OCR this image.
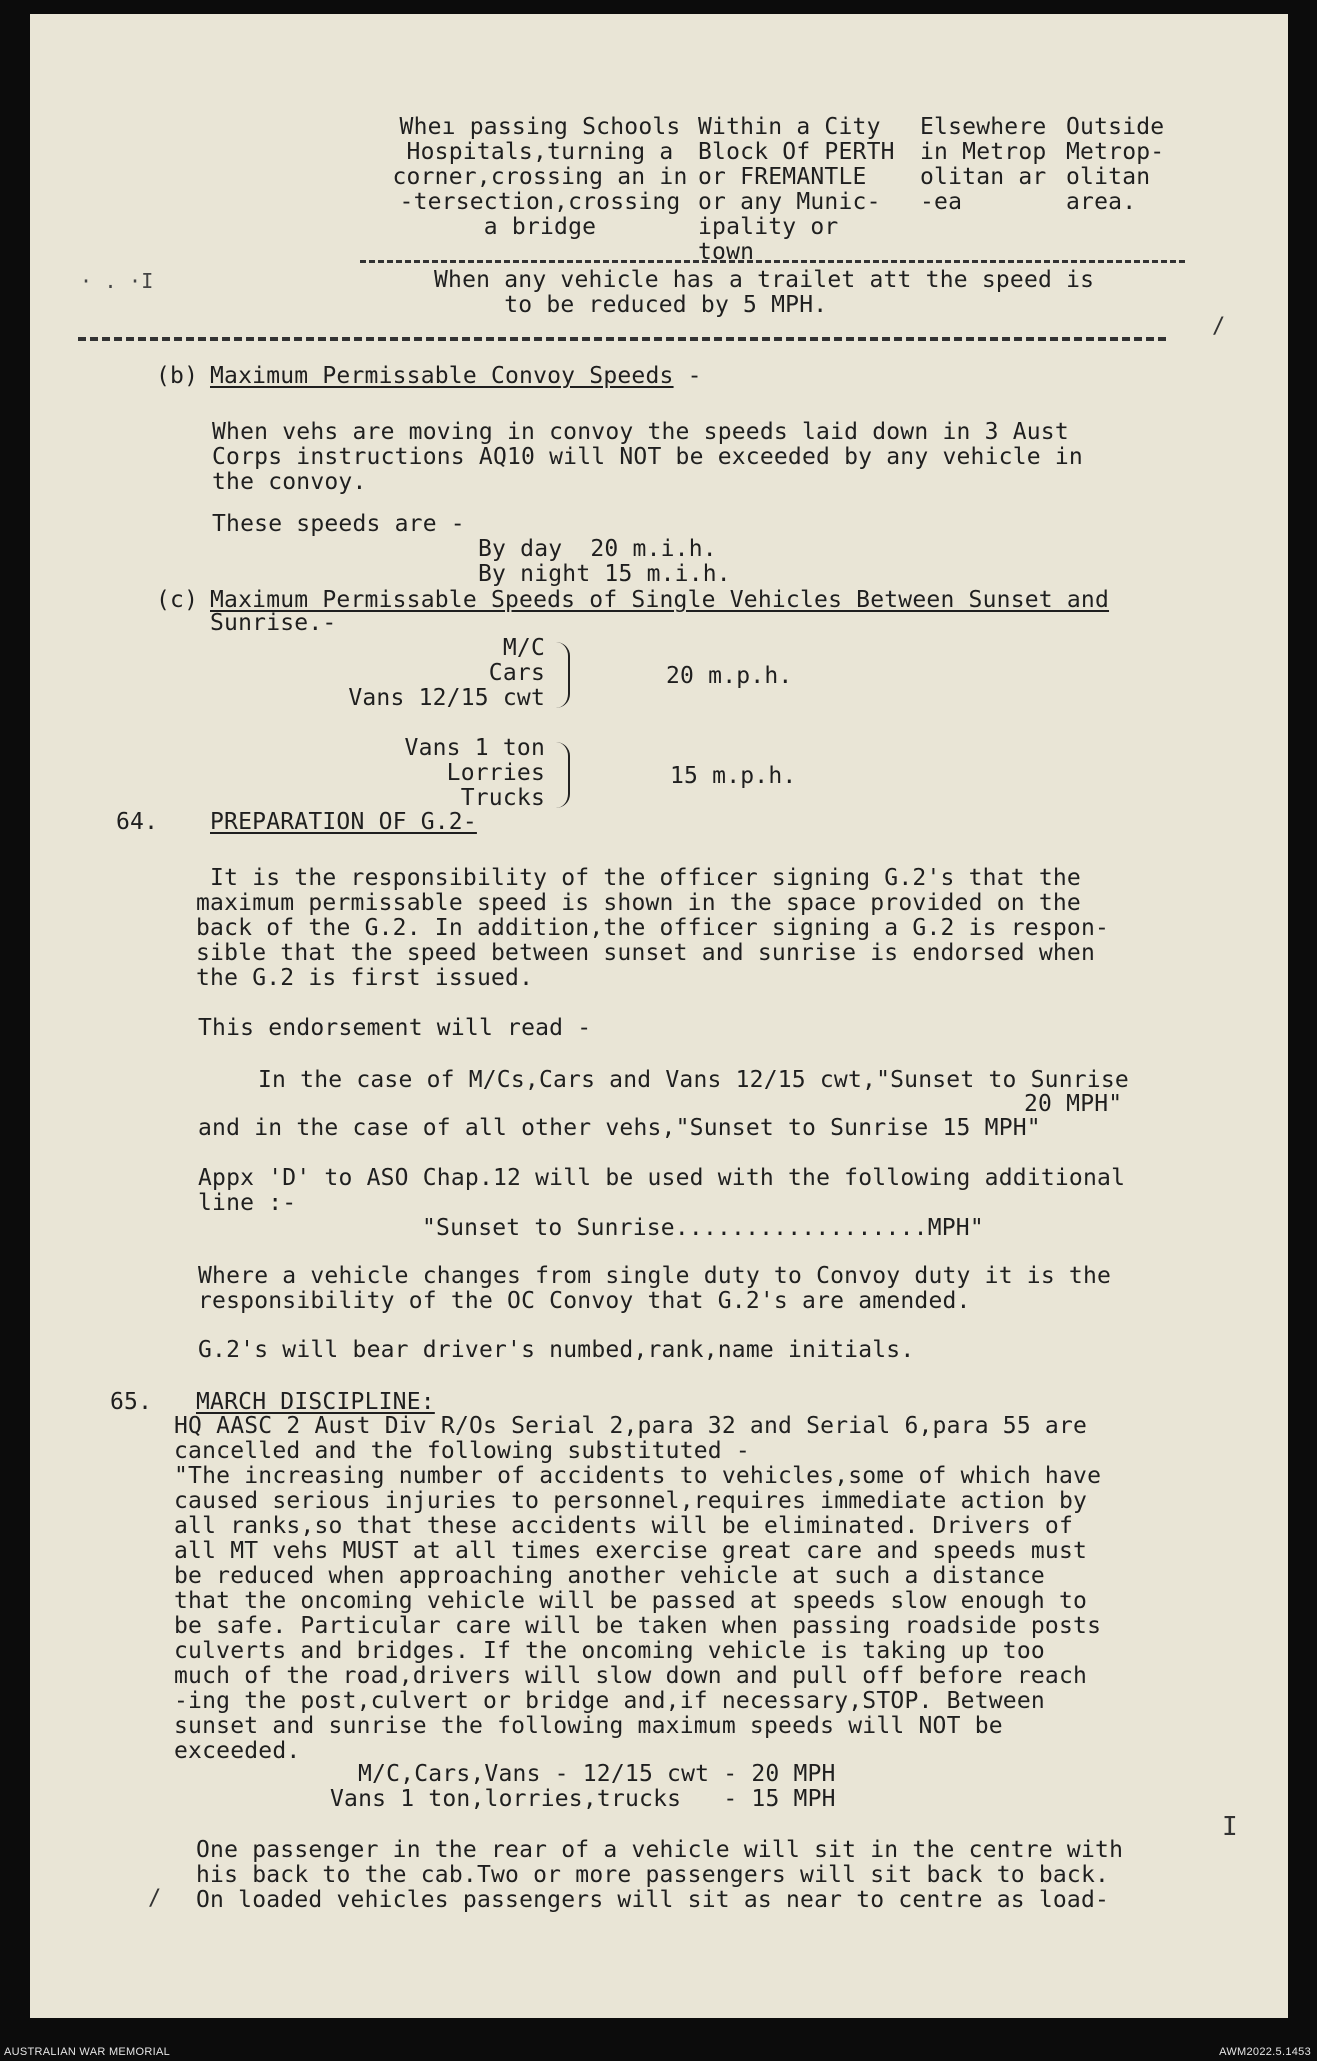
Wheı passing Schools
Hospitals,turning a
corner,crossing an in
-tersection,crossing
a bridge

Within a City
Block Of PERTH
or FREMANTLE
or any Munic-
ipality or
town

Elsewhere
in Metrop
olitan ar
-ea

Outside
Metrop-
olitan
area.

· . ·I	When any vehicle has a trailet att the speed is
to be reduced by 5 MPH.

/

(b) Maximum Permissable Convoy Speeds -

When vehs are moving in convoy the speeds laid down in 3 Aust
Corps instructions AQ10 will NOT be exceeded by any vehicle in
the convoy.

These speeds are -

By day  20 m.i.h.

By night 15 m.i.h.

(c) Maximum Permissable Speeds of Single Vehicles Between Sunset and

Sunrise.-

M/C
Cars
Vans 12/15 cwt

20 m.p.h.

Vans 1 ton
Lorries
Trucks

15 m.p.h.

64. PREPARATION OF G.2-

It is the responsibility of the officer signing G.2's that the
maximum permissable speed is shown in the space provided on the
back of the G.2. In addition,the officer signing a G.2 is respon-
sible that the speed between sunset and sunrise is endorsed when
the G.2 is first issued.

This endorsement will read -

In the case of M/Cs,Cars and Vans 12/15 cwt,"Sunset to Sunrise

20 MPH"

and in the case of all other vehs,"Sunset to Sunrise 15 MPH"

Appx 'D' to ASO Chap.12 will be used with the following additional
line :-

"Sunset to Sunrise..................MPH"

Where a vehicle changes from single duty to Convoy duty it is the
responsibility of the OC Convoy that G.2's are amended.

G.2's will bear driver's numbed,rank,name initials.

65. MARCH DISCIPLINE:

HQ AASC 2 Aust Div R/Os Serial 2,para 32 and Serial 6,para 55 are
cancelled and the following substituted -
"The increasing number of accidents to vehicles,some of which have
caused serious injuries to personnel,requires immediate action by
all ranks,so that these accidents will be eliminated. Drivers of
all MT vehs MUST at all times exercise great care and speeds must
be reduced when approaching another vehicle at such a distance
that the oncoming vehicle will be passed at speeds slow enough to
be safe. Particular care will be taken when passing roadside posts
culverts and bridges. If the oncoming vehicle is taking up too
much of the road,drivers will slow down and pull off before reach
-ing the post,culvert or bridge and,if necessary,STOP. Between
sunset and sunrise the following maximum speeds will NOT be
exceeded.

M/C,Cars,Vans - 12/15 cwt - 20 MPH

Vans 1 ton,lorries,trucks   - 15 MPH

One passenger in the rear of a vehicle will sit in the centre with
his back to the cab.Two or more passengers will sit back to back.
On loaded vehicles passengers will sit as near to centre as load-

I
/
AUSTRALIAN WAR MEMORIAL	AWM2022.5.1453
